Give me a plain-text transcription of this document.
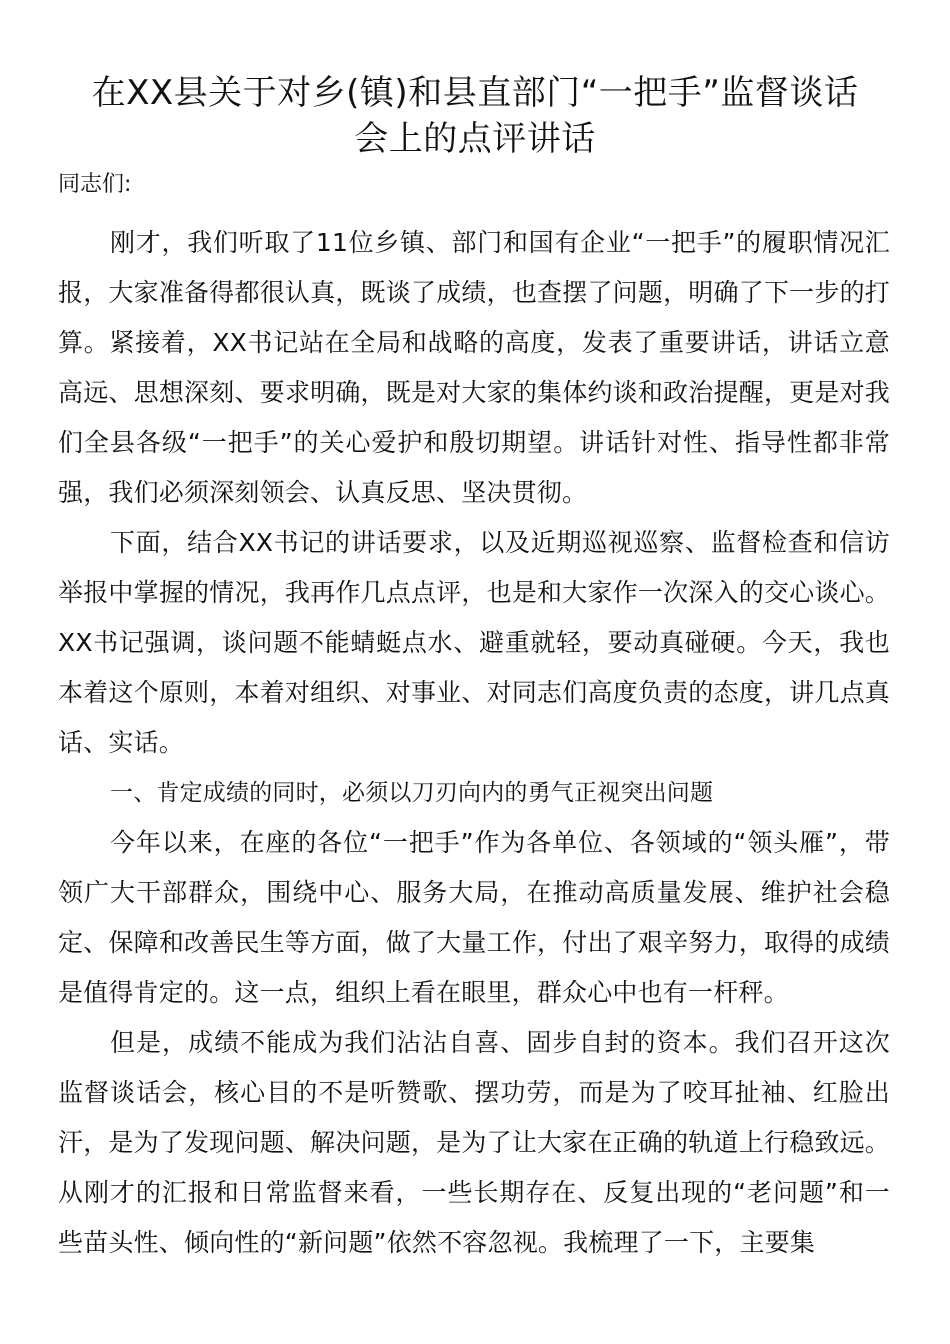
在XX县关于对乡(镇)和县直部门“一把手”监督谈话
会上的点评讲话

同志们:

刚才，我们听取了11位乡镇、部门和国有企业“一把手”的履职情况汇报，大家准备得都很认真，既谈了成绩，也查摆了问题，明确了下一步的打算。紧接着，XX书记站在全局和战略的高度，发表了重要讲话，讲话立意高远、思想深刻、要求明确，既是对大家的集体约谈和政治提醒，更是对我们全县各级“一把手”的关心爱护和殷切期望。讲话针对性、指导性都非常强，我们必须深刻领会、认真反思、坚决贯彻。

下面，结合XX书记的讲话要求，以及近期巡视巡察、监督检查和信访举报中掌握的情况，我再作几点点评，也是和大家作一次深入的交心谈心。XX书记强调，谈问题不能蜻蜓点水、避重就轻，要动真碰硬。今天，我也本着这个原则，本着对组织、对事业、对同志们高度负责的态度，讲几点真话、实话。

一、肯定成绩的同时，必须以刀刃向内的勇气正视突出问题

今年以来，在座的各位“一把手”作为各单位、各领域的“领头雁”，带领广大干部群众，围绕中心、服务大局，在推动高质量发展、维护社会稳定、保障和改善民生等方面，做了大量工作，付出了艰辛努力，取得的成绩是值得肯定的。这一点，组织上看在眼里，群众心中也有一杆秤。

但是，成绩不能成为我们沾沾自喜、固步自封的资本。我们召开这次监督谈话会，核心目的不是听赞歌、摆功劳，而是为了咬耳扯袖、红脸出汗，是为了发现问题、解决问题，是为了让大家在正确的轨道上行稳致远。从刚才的汇报和日常监督来看，一些长期存在、反复出现的“老问题”和一些苗头性、倾向性的“新问题”依然不容忽视。我梳理了一下，主要集
